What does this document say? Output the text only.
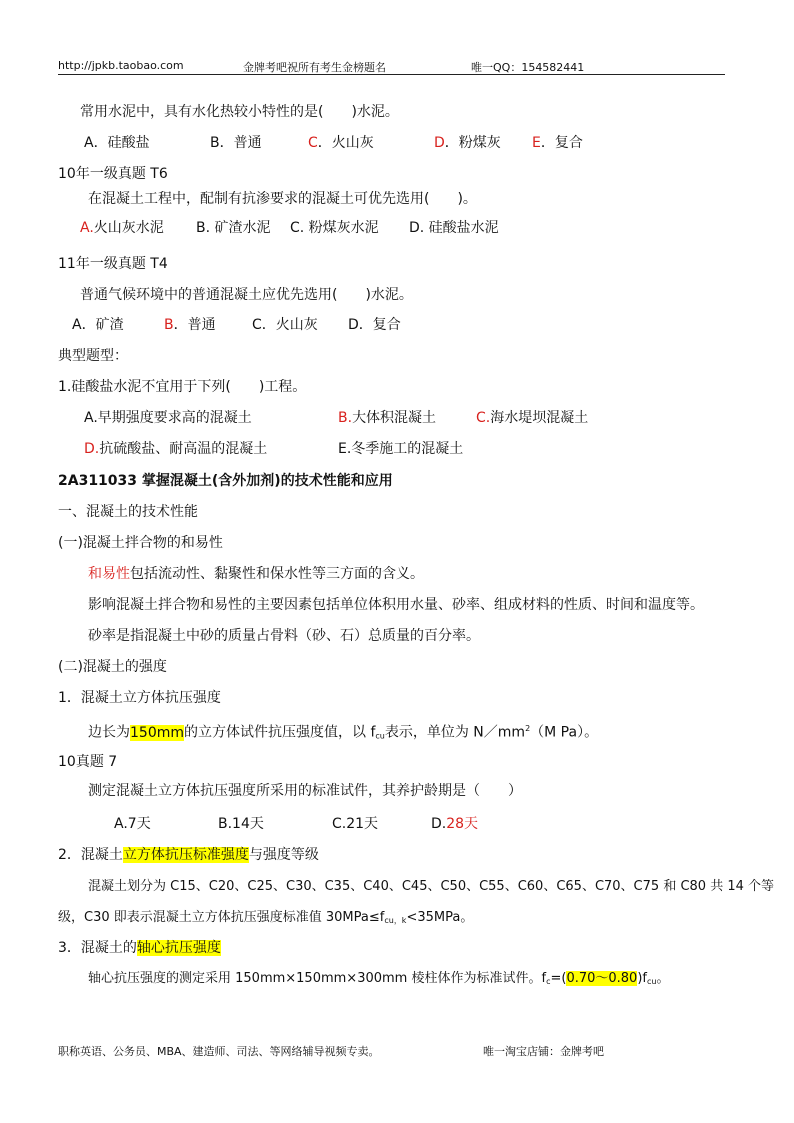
http://jpkb.taobao.com	金牌考吧祝所有考生金榜题名	唯一QQ：154582441
常用水泥中，具有水化热较小特性的是(　　)水泥。
A．硅酸盐	B．普通	C．火山灰	D．粉煤灰 E．复合
10年一级真题 T6
在混凝土工程中，配制有抗渗要求的混凝土可优先选用(　　)。
A.火山灰水泥 B. 矿渣水泥 C. 粉煤灰水泥 D. 硅酸盐水泥
11年一级真题 T4
普通气候环境中的普通混凝土应优先选用(　　)水泥。
A．矿渣	B．普通	C．火山灰 D．复合
典型题型：
1.硅酸盐水泥不宜用于下列(　　)工程。
A.早期强度要求高的混凝土	B.大体积混凝土	C.海水堤坝混凝土
D.抗硫酸盐、耐高温的混凝土	E.冬季施工的混凝土
2A311033 掌握混凝土(含外加剂)的技术性能和应用
一、混凝土的技术性能
(一)混凝土拌合物的和易性
和易性包括流动性、黏聚性和保水性等三方面的含义。
影响混凝土拌合物和易性的主要因素包括单位体积用水量、砂率、组成材料的性质、时间和温度等。
砂率是指混凝土中砂的质量占骨料（砂、石）总质量的百分率。
(二)混凝土的强度
1．混凝土立方体抗压强度
边长为150mm的立方体试件抗压强度值，以 $f_{cu}$表示，单位为 $N/mm^2(M$ Pa）。
10真题 7
测定混凝土立方体抗压强度所采用的标准试件，其养护龄期是（　　）
A.7天	B.14天	C.21天	D.28天
2．混凝土立方体抗压标准强度与强度等级
混凝土划分为 C15、C20、C25、C30、C35、C40、C45、C50、C55、C60、C65、C70、C75 和 C80 共 14 个等
级，C30 即表示混凝土立方体抗压强度标准值 $30MPa\le f_{cu,k}<35MPa$。
3．混凝土的轴心抗压强度
轴心抗压强度的测定采用 150mm×150mm×300mm 棱柱体作为标准试件。$f_c=(0.70\sim 0.80)f_{cu}$。
职称英语、公务员、MBA、建造师、司法、等网络辅导视频专卖。	唯一淘宝店铺：金牌考吧
